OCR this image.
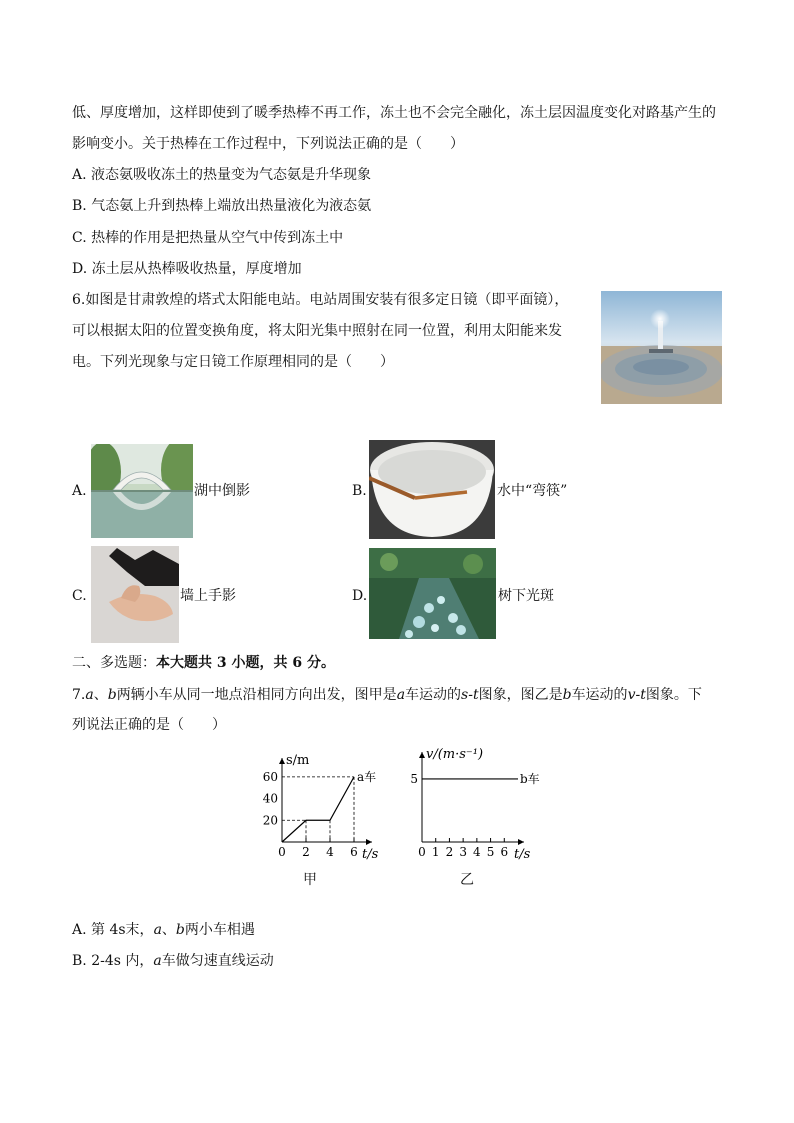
低、厚度增加，这样即使到了暖季热棒不再工作，冻土也不会完全融化，冻土层因温度变化对路基产生的
影响变小。关于热棒在工作过程中，下列说法正确的是（　　）
A. 液态氨吸收冻土的热量变为气态氨是升华现象
B. 气态氨上升到热棒上端放出热量液化为液态氨
C. 热棒的作用是把热量从空气中传到冻土中
D. 冻土层从热棒吸收热量，厚度增加
6.如图是甘肃敦煌的塔式太阳能电站。电站周围安装有很多定日镜（即平面镜），
可以根据太阳的位置变换角度，将太阳光集中照射在同一位置，利用太阳能来发
电。下列光现象与定日镜工作原理相同的是（　　）
A.	湖中倒影	B.	水中“弯筷”
C.	墙上手影	D.	树下光斑
二、多选题：本大题共 3 小题，共 6 分。
7.a、b两辆小车从同一地点沿相同方向出发，图甲是a车运动的s-t图象，图乙是b车运动的v-t图象。下
列说法正确的是（　　）
s/m
t/s
0 2 4 6
20
40
60	a车
甲
v/(m·s⁻¹)
t/s
0 1 2 3 4 5 6
5	b车
乙
A. 第 4s末，a、b两小车相遇
B. 2-4s 内，a车做匀速直线运动
